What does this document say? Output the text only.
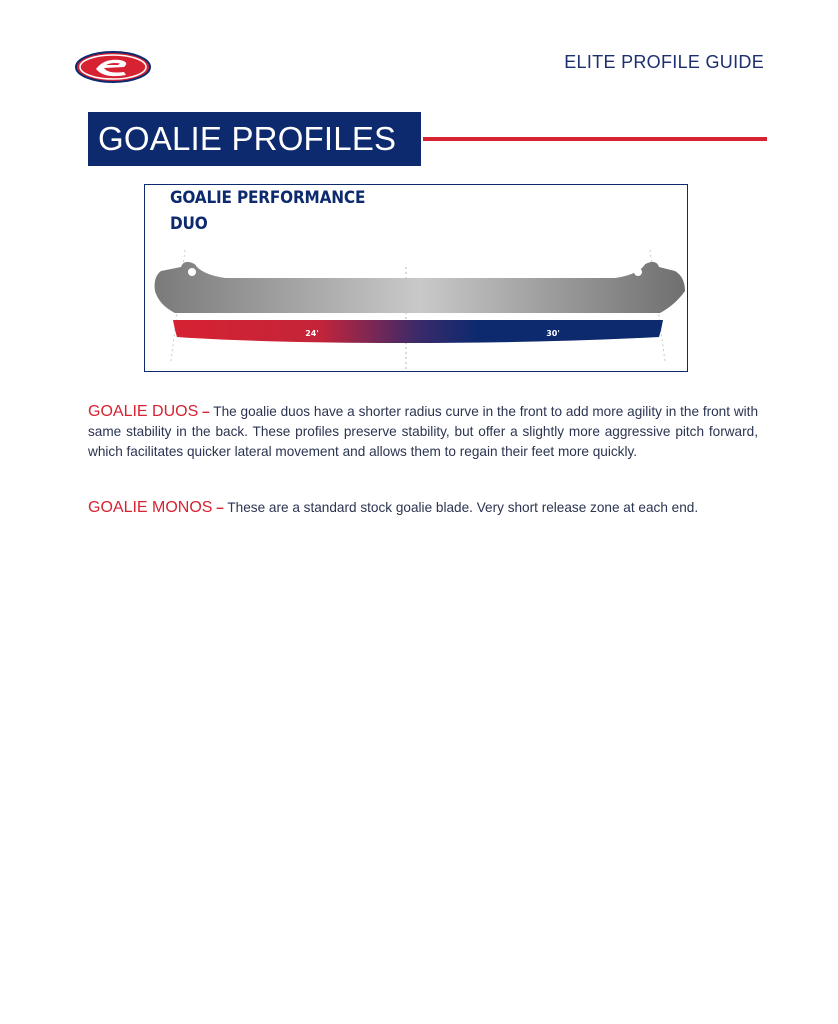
ELITE PROFILE GUIDE
GOALIE PROFILES
GOALIE PERFORMANCE
DUO
24'	30'
GOALIE DUOS – The goalie duos have a shorter radius curve in the front to add more agility in the front with same stability in the back. These profiles preserve stability, but offer a slightly more aggressive pitch forward, which facilitates quicker lateral movement and allows them to regain their feet more quickly.
GOALIE MONOS – These are a standard stock goalie blade. Very short release zone at each end.
